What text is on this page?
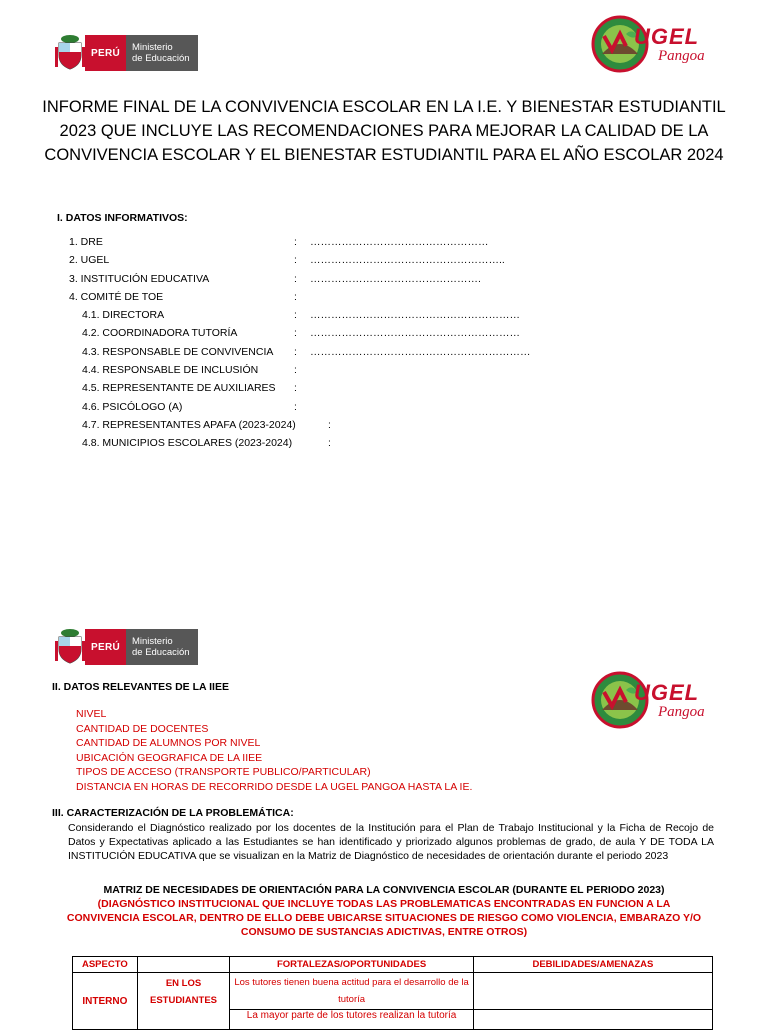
PERÚ	Ministerio
de Educación
UGEL
Pangoa
INFORME FINAL DE LA CONVIVENCIA ESCOLAR EN LA I.E. Y BIENESTAR ESTUDIANTIL 2023 QUE INCLUYE LAS RECOMENDACIONES PARA MEJORAR LA CALIDAD DE LA CONVIVENCIA ESCOLAR Y EL BIENESTAR ESTUDIANTIL PARA EL AÑO ESCOLAR 2024
I. DATOS INFORMATIVOS:
1. DRE	: ……………………………………………
2. UGEL	: ………………………………………………..
3. INSTITUCIÓN EDUCATIVA	: ………………………………………….
4. COMITÉ DE TOE	:
4.1. DIRECTORA	: ……………………………………………………
4.2. COORDINADORA TUTORÍA	: ……………………………………………………
4.3. RESPONSABLE DE CONVIVENCIA : ………………………………………………………
4.4. RESPONSABLE DE INCLUSIÓN	:
4.5. REPRESENTANTE DE AUXILIARES :
4.6. PSICÓLOGO (A)	:
4.7. REPRESENTANTES APAFA (2023-2024)	:
4.8. MUNICIPIOS ESCOLARES (2023-2024)	:
PERÚ	Ministerio
de Educación
UGEL
Pangoa
II. DATOS RELEVANTES DE LA IIEE
NIVEL
CANTIDAD DE DOCENTES
CANTIDAD DE ALUMNOS POR NIVEL
UBICACIÓN GEOGRAFICA DE LA IIEE
TIPOS DE ACCESO (TRANSPORTE PUBLICO/PARTICULAR)
DISTANCIA EN HORAS DE RECORRIDO DESDE LA UGEL PANGOA HASTA LA IE.
III. CARACTERIZACIÓN DE LA PROBLEMÁTICA:
Considerando el Diagnóstico realizado por los docentes de la Institución para el Plan de Trabajo Institucional y la Ficha de Recojo de Datos y Expectativas aplicado a las Estudiantes se han identificado y priorizado algunos problemas de grado, de aula Y DE TODA LA INSTITUCIÓN EDUCATIVA que se visualizan en la Matriz de Diagnóstico de necesidades de orientación durante el periodo 2023
MATRIZ DE NECESIDADES DE ORIENTACIÓN PARA LA CONVIVENCIA ESCOLAR (DURANTE EL PERIODO 2023)
(DIAGNÓSTICO INSTITUCIONAL QUE INCLUYE TODAS LAS PROBLEMATICAS ENCONTRADAS EN FUNCION A LA CONVIVENCIA ESCOLAR, DENTRO DE ELLO DEBE UBICARSE SITUACIONES DE RIESGO COMO VIOLENCIA, EMBARAZO Y/O CONSUMO DE SUSTANCIAS ADICTIVAS, ENTRE OTROS)
ASPECTO		FORTALEZAS/OPORTUNIDADES	DEBILIDADES/AMENAZAS
INTERNO	EN LOS ESTUDIANTES	Los tutores tienen buena actitud para el desarrollo de la tutoría	
		La mayor parte de los tutores realizan la tutoría	
